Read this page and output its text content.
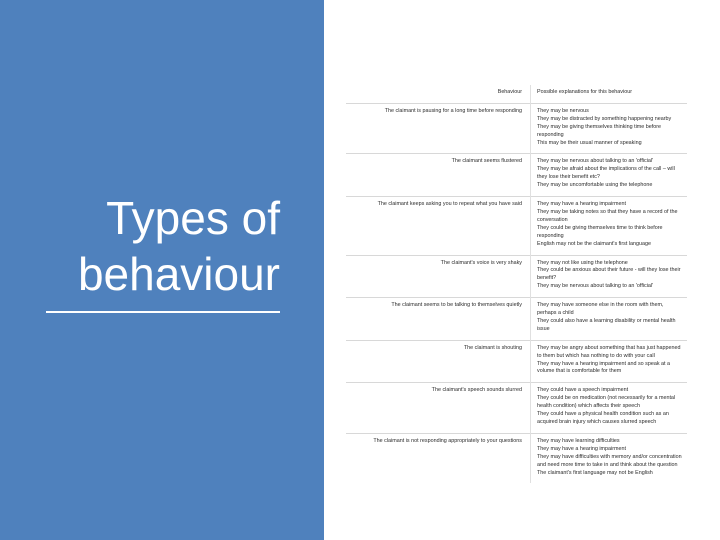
Types of
behaviour
Behaviour	Possible explanations for this behaviour
The claimant is pausing for a long time before responding	They may be nervous
They may be distracted by something happening nearby
They may be giving themselves thinking time before responding
This may be their usual manner of speaking

The claimant seems flustered	They may be nervous about talking to an 'official'
They may be afraid about the implications of the call – will they lose their benefit etc?
They may be uncomfortable using the telephone

The claimant keeps asking you to repeat what you have said	They may have a hearing impairment
They may be taking notes so that they have a record of the conversation
They could be giving themselves time to think before responding
English may not be the claimant's first language

The claimant's voice is very shaky	They may not like using the telephone
They could be anxious about their future - will they lose their benefit?
They may be nervous about talking to an 'official'

The claimant seems to be talking to themselves quietly	They may have someone else in the room with them, perhaps a child
They could also have a learning disability or mental health issue

The claimant is shouting	They may be angry about something that has just happened to them but which has nothing to do with your call
They may have a hearing impairment and so speak at a volume that is comfortable for them

The claimant's speech sounds slurred	They could have a speech impairment
They could be on medication (not necessarily for a mental health condition) which affects their speech
They could have a physical health condition such as an acquired brain injury which causes slurred speech

The claimant is not responding appropriately to your questions	They may have learning difficulties
They may have a hearing impairment
They may have difficulties with memory and/or concentration and need more time to take in and think about the question
The claimant's first language may not be English
